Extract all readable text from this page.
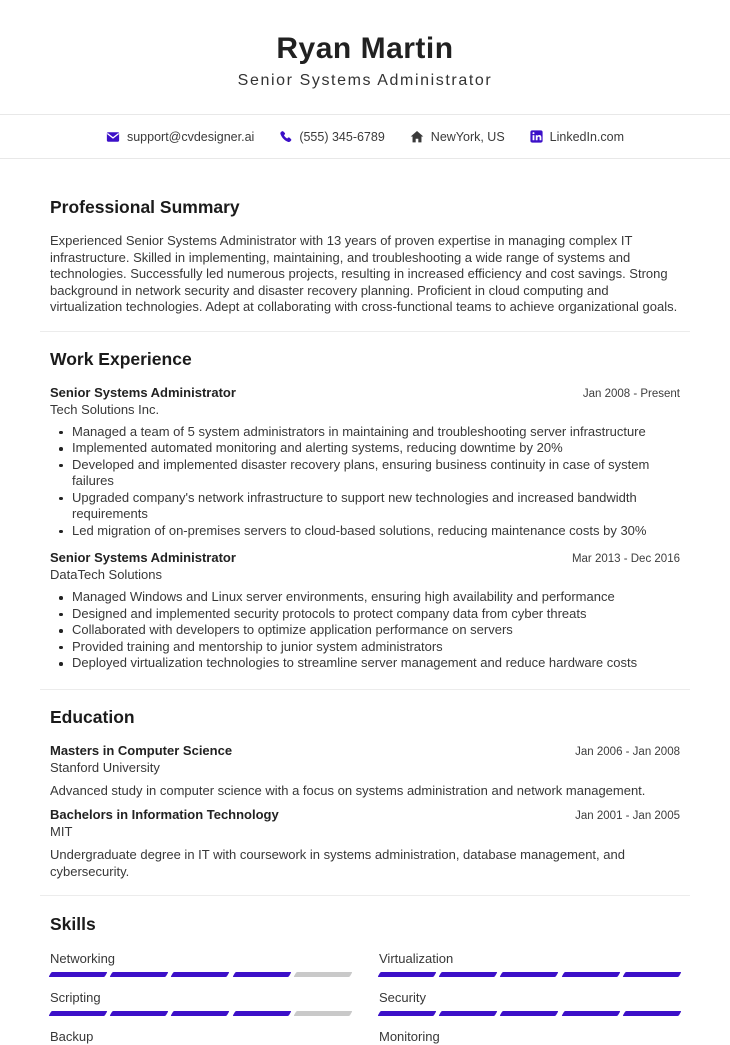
Ryan Martin
Senior Systems Administrator
support@cvdesigner.ai	(555) 345-6789	NewYork, US	LinkedIn.com
Professional Summary

Experienced Senior Systems Administrator with 13 years of proven expertise in managing complex IT infrastructure. Skilled in implementing, maintaining, and troubleshooting a wide range of systems and technologies. Successfully led numerous projects, resulting in increased efficiency and cost savings. Strong background in network security and disaster recovery planning. Proficient in cloud computing and virtualization technologies. Adept at collaborating with cross-functional teams to achieve organizational goals.

Work Experience
Senior Systems Administrator	Jan 2008 - Present
Tech Solutions Inc.
Managed a team of 5 system administrators in maintaining and troubleshooting server infrastructure
Implemented automated monitoring and alerting systems, reducing downtime by 20%
Developed and implemented disaster recovery plans, ensuring business continuity in case of system failures
Upgraded company's network infrastructure to support new technologies and increased bandwidth requirements
Led migration of on-premises servers to cloud-based solutions, reducing maintenance costs by 30%
Senior Systems Administrator	Mar 2013 - Dec 2016
DataTech Solutions
Managed Windows and Linux server environments, ensuring high availability and performance
Designed and implemented security protocols to protect company data from cyber threats
Collaborated with developers to optimize application performance on servers
Provided training and mentorship to junior system administrators
Deployed virtualization technologies to streamline server management and reduce hardware costs
Education
Masters in Computer Science	Jan 2006 - Jan 2008
Stanford University
Advanced study in computer science with a focus on systems administration and network management.
Bachelors in Information Technology	Jan 2001 - Jan 2005
MIT
Undergraduate degree in IT with coursework in systems administration, database management, and cybersecurity.
Skills
Networking	Virtualization
Scripting	Security
Backup	Monitoring
